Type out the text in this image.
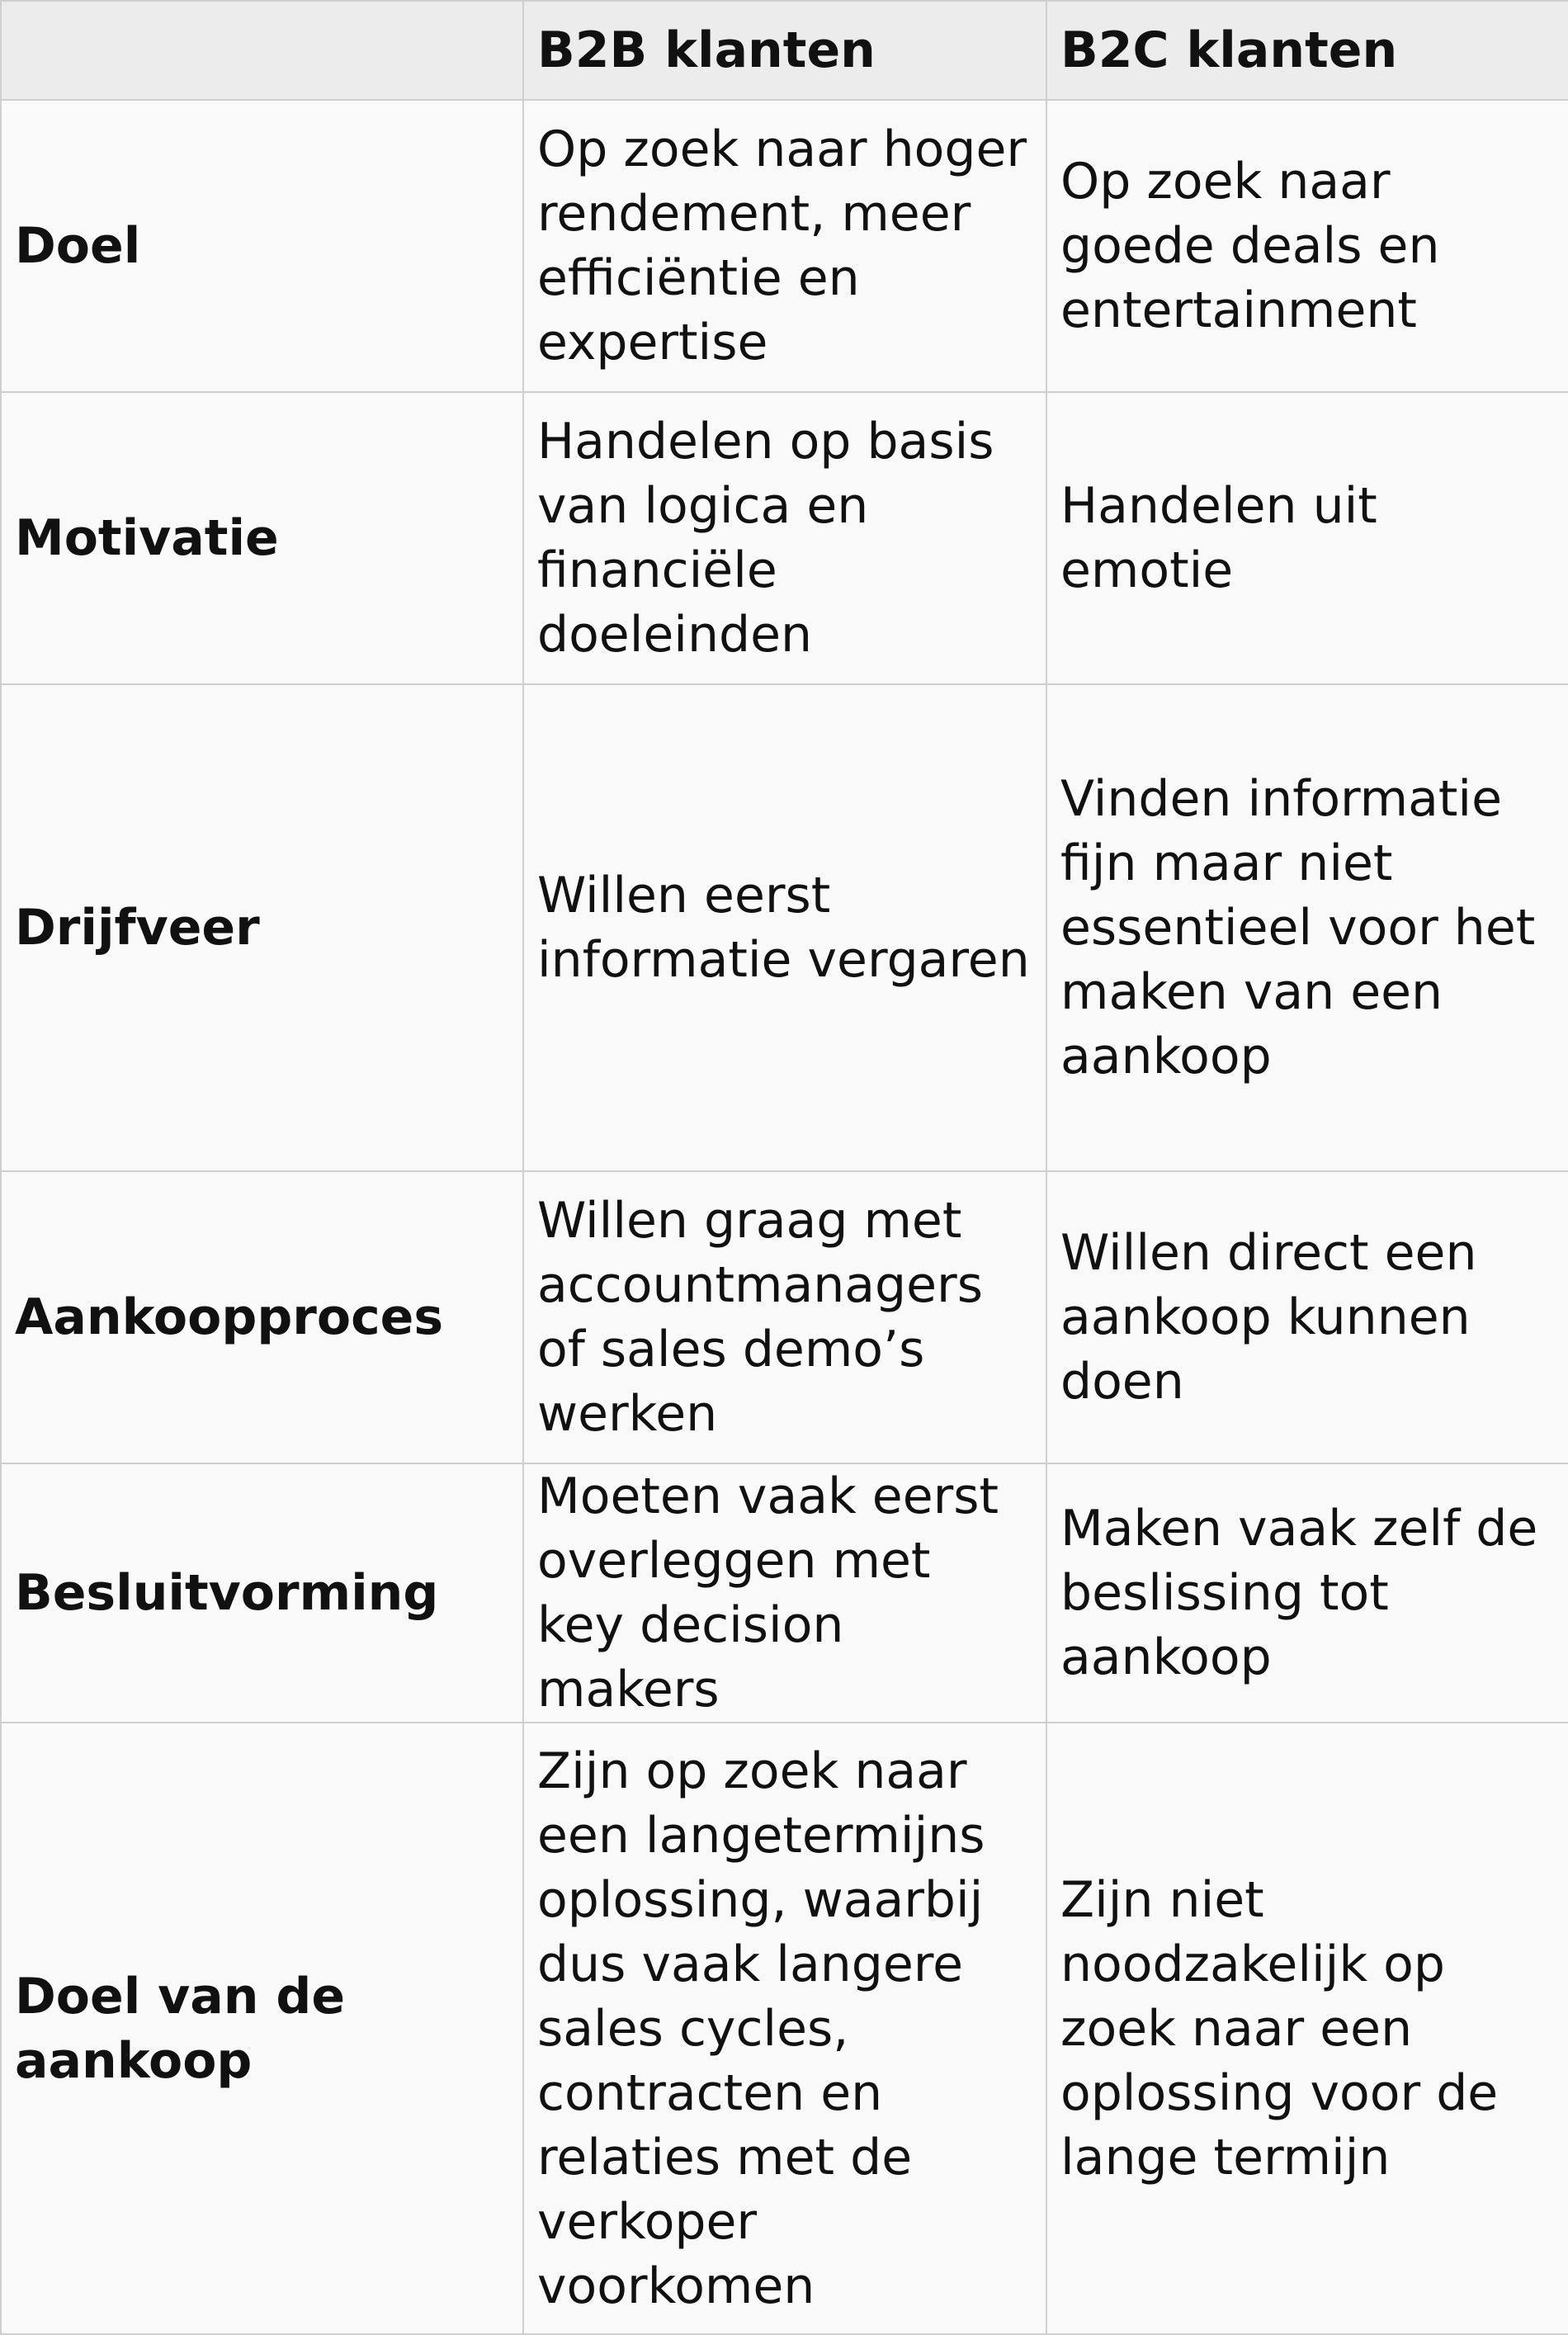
	B2B klanten	B2C klanten
Doel	Op zoek naar hoger rendement, meer efficiëntie en expertise	Op zoek naar goede deals en entertainment
Motivatie	Handelen op basis van logica en financiële doeleinden	Handelen uit emotie
Drijfveer	Willen eerst informatie vergaren	Vinden informatie fijn maar niet essentieel voor het maken van een aankoop
Aankoopproces	Willen graag met accountmanagers of sales demo’s werken	Willen direct een aankoop kunnen doen
Besluitvorming	Moeten vaak eerst overleggen met key decision makers	Maken vaak zelf de beslissing tot aankoop
Doel van de aankoop	Zijn op zoek naar een langetermijns oplossing, waarbij dus vaak langere sales cycles, contracten en relaties met de verkoper voorkomen	Zijn niet noodzakelijk op zoek naar een oplossing voor de lange termijn
